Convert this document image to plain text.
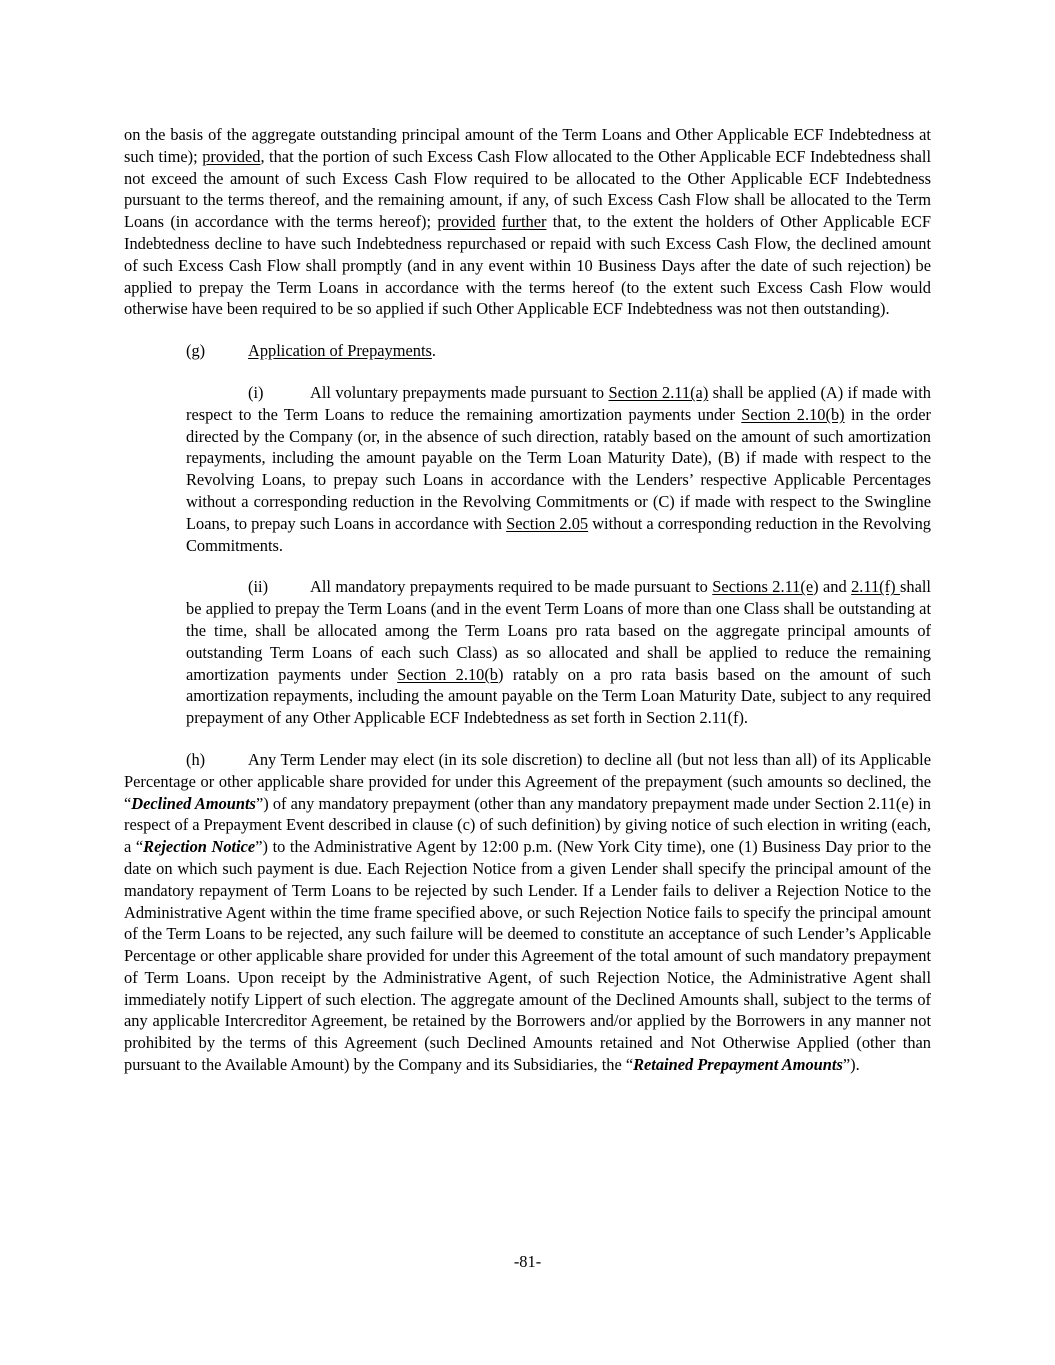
on the basis of the aggregate outstanding principal amount of the Term Loans and Other Applicable ECF Indebtedness at such time); provided, that the portion of such Excess Cash Flow allocated to the Other Applicable ECF Indebtedness shall not exceed the amount of such Excess Cash Flow required to be allocated to the Other Applicable ECF Indebtedness pursuant to the terms thereof, and the remaining amount, if any, of such Excess Cash Flow shall be allocated to the Term Loans (in accordance with the terms hereof); provided further that, to the extent the holders of Other Applicable ECF Indebtedness decline to have such Indebtedness repurchased or repaid with such Excess Cash Flow, the declined amount of such Excess Cash Flow shall promptly (and in any event within 10 Business Days after the date of such rejection) be applied to prepay the Term Loans in accordance with the terms hereof (to the extent such Excess Cash Flow would otherwise have been required to be so applied if such Other Applicable ECF Indebtedness was not then outstanding).

(g)	Application of Prepayments.

(i)	All voluntary prepayments made pursuant to Section 2.11(a) shall be applied (A) if made with respect to the Term Loans to reduce the remaining amortization payments under Section 2.10(b) in the order directed by the Company (or, in the absence of such direction, ratably based on the amount of such amortization repayments, including the amount payable on the Term Loan Maturity Date), (B) if made with respect to the Revolving Loans, to prepay such Loans in accordance with the Lenders’ respective Applicable Percentages without a corresponding reduction in the Revolving Commitments or (C) if made with respect to the Swingline Loans, to prepay such Loans in accordance with Section 2.05 without a corresponding reduction in the Revolving Commitments.

(ii)	All mandatory prepayments required to be made pursuant to Sections 2.11(e) and 2.11(f) shall be applied to prepay the Term Loans (and in the event Term Loans of more than one Class shall be outstanding at the time, shall be allocated among the Term Loans pro rata based on the aggregate principal amounts of outstanding Term Loans of each such Class) as so allocated and shall be applied to reduce the remaining amortization payments under Section 2.10(b) ratably on a pro rata basis based on the amount of such amortization repayments, including the amount payable on the Term Loan Maturity Date, subject to any required prepayment of any Other Applicable ECF Indebtedness as set forth in Section 2.11(f).

(h)	Any Term Lender may elect (in its sole discretion) to decline all (but not less than all) of its Applicable Percentage or other applicable share provided for under this Agreement of the prepayment (such amounts so declined, the “Declined Amounts”) of any mandatory prepayment (other than any mandatory prepayment made under Section 2.11(e) in respect of a Prepayment Event described in clause (c) of such definition) by giving notice of such election in writing (each, a “Rejection Notice”) to the Administrative Agent by 12:00 p.m. (New York City time), one (1) Business Day prior to the date on which such payment is due. Each Rejection Notice from a given Lender shall specify the principal amount of the mandatory repayment of Term Loans to be rejected by such Lender. If a Lender fails to deliver a Rejection Notice to the Administrative Agent within the time frame specified above, or such Rejection Notice fails to specify the principal amount of the Term Loans to be rejected, any such failure will be deemed to constitute an acceptance of such Lender’s Applicable Percentage or other applicable share provided for under this Agreement of the total amount of such mandatory prepayment of Term Loans. Upon receipt by the Administrative Agent, of such Rejection Notice, the Administrative Agent shall immediately notify Lippert of such election. The aggregate amount of the Declined Amounts shall, subject to the terms of any applicable Intercreditor Agreement, be retained by the Borrowers and/or applied by the Borrowers in any manner not prohibited by the terms of this Agreement (such Declined Amounts retained and Not Otherwise Applied (other than pursuant to the Available Amount) by the Company and its Subsidiaries, the “Retained Prepayment Amounts”).

-81-
